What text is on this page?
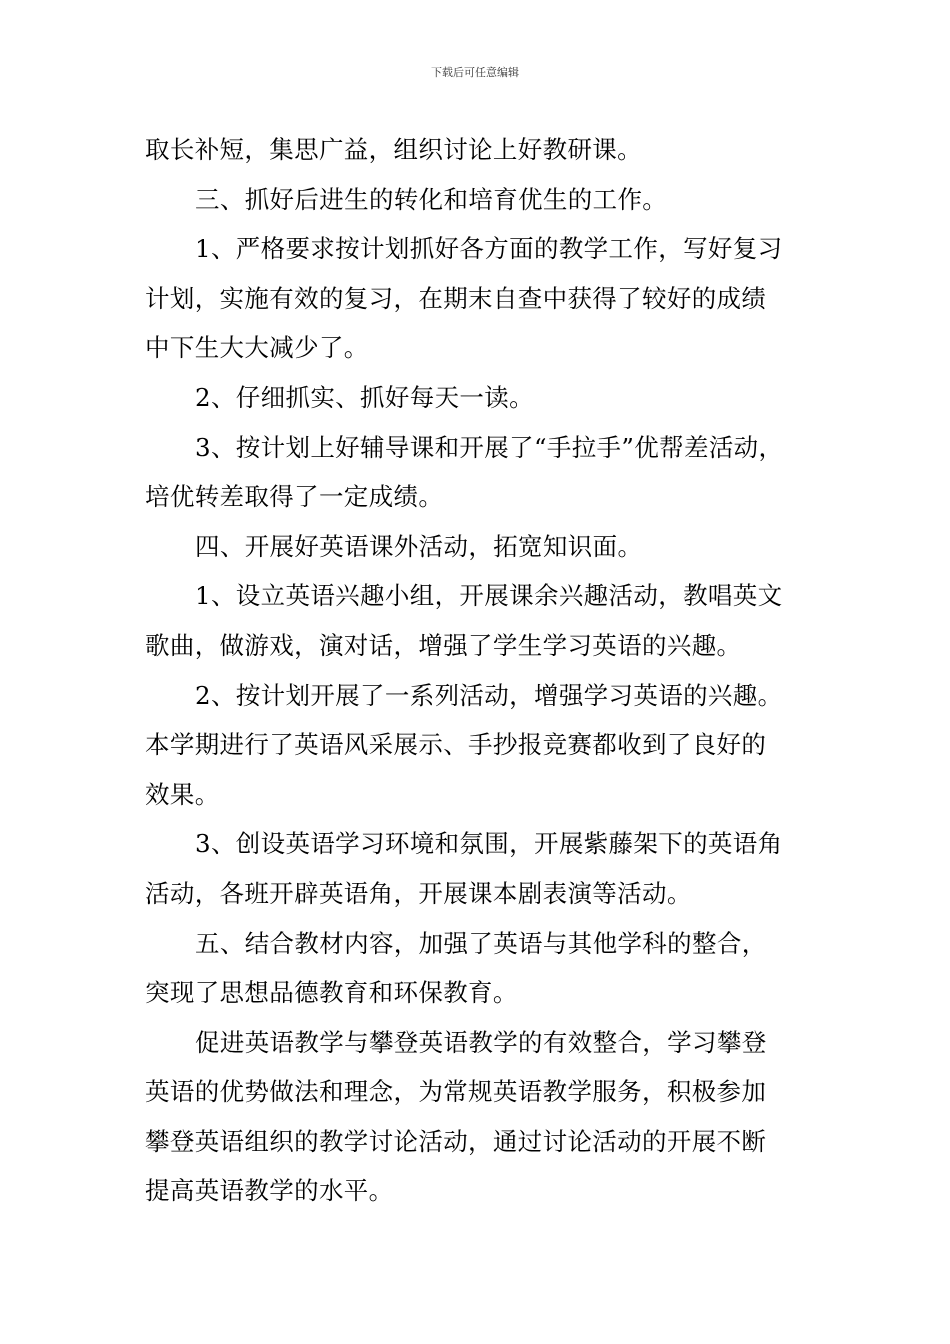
下载后可任意编辑

取长补短，集思广益，组织讨论上好教研课。

三、抓好后进生的转化和培育优生的工作。

1、严格要求按计划抓好各方面的教学工作，写好复习
计划，实施有效的复习，在期末自查中获得了较好的成绩
中下生大大减少了。

2、仔细抓实、抓好每天一读。

3、按计划上好辅导课和开展了“手拉手”优帮差活动，
培优转差取得了一定成绩。

四、开展好英语课外活动，拓宽知识面。

1、设立英语兴趣小组，开展课余兴趣活动，教唱英文
歌曲，做游戏，演对话，增强了学生学习英语的兴趣。

2、按计划开展了一系列活动，增强学习英语的兴趣。
本学期进行了英语风采展示、手抄报竞赛都收到了良好的
效果。

3、创设英语学习环境和氛围，开展紫藤架下的英语角
活动，各班开辟英语角，开展课本剧表演等活动。

五、结合教材内容，加强了英语与其他学科的整合，
突现了思想品德教育和环保教育。

促进英语教学与攀登英语教学的有效整合，学习攀登
英语的优势做法和理念，为常规英语教学服务，积极参加
攀登英语组织的教学讨论活动，通过讨论活动的开展不断
提高英语教学的水平。
